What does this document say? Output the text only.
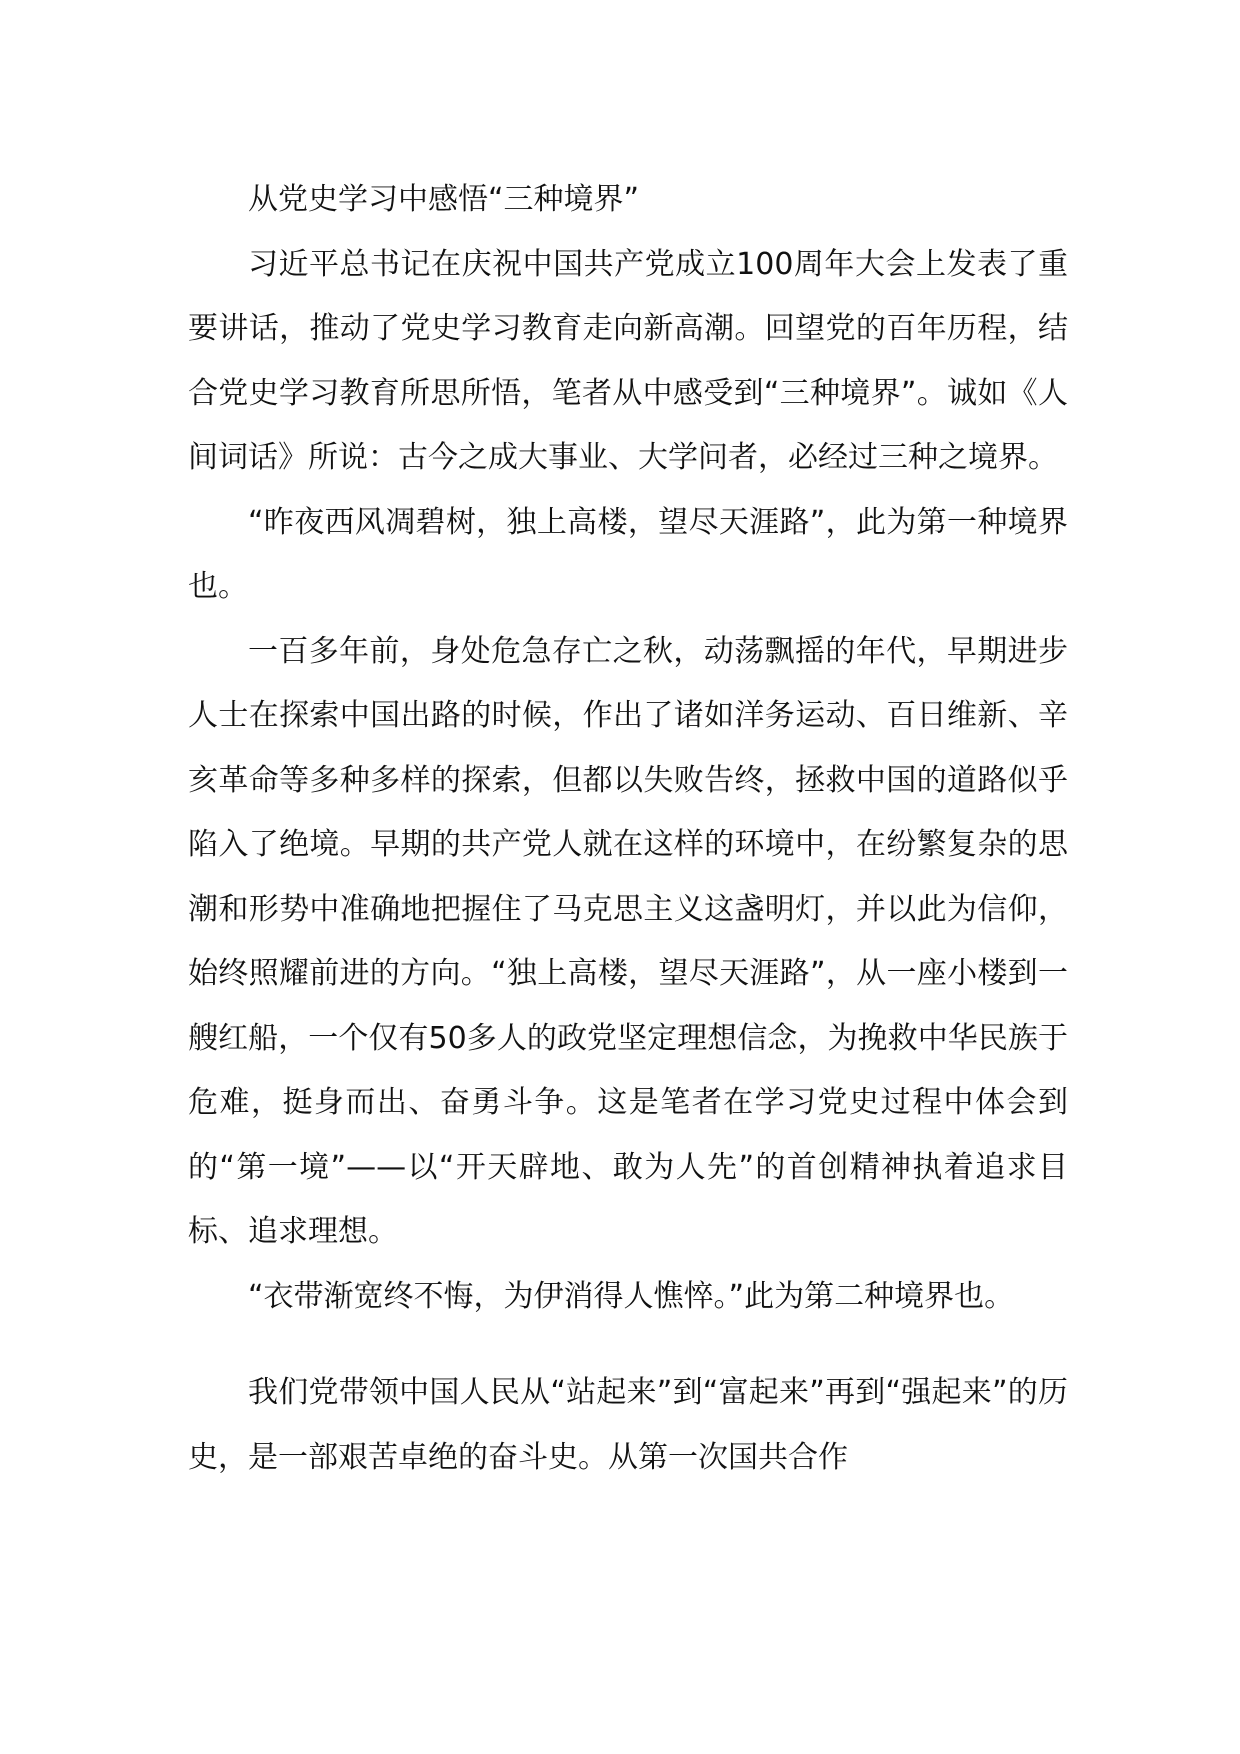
从党史学习中感悟“三种境界”

习近平总书记在庆祝中国共产党成立100周年大会上发表了重要讲话，推动了党史学习教育走向新高潮。回望党的百年历程，结合党史学习教育所思所悟，笔者从中感受到“三种境界”。诚如《人间词话》所说：古今之成大事业、大学问者，必经过三种之境界。

“昨夜西风凋碧树，独上高楼，望尽天涯路”，此为第一种境界也。

一百多年前，身处危急存亡之秋，动荡飘摇的年代，早期进步人士在探索中国出路的时候，作出了诸如洋务运动、百日维新、辛亥革命等多种多样的探索，但都以失败告终，拯救中国的道路似乎陷入了绝境。早期的共产党人就在这样的环境中，在纷繁复杂的思潮和形势中准确地把握住了马克思主义这盏明灯，并以此为信仰，始终照耀前进的方向。“独上高楼，望尽天涯路”，从一座小楼到一艘红船，一个仅有50多人的政党坚定理想信念，为挽救中华民族于危难，挺身而出、奋勇斗争。这是笔者在学习党史过程中体会到的“第一境”——以“开天辟地、敢为人先”的首创精神执着追求目标、追求理想。

“衣带渐宽终不悔，为伊消得人憔悴。”此为第二种境界也。

我们党带领中国人民从“站起来”到“富起来”再到“强起来”的历史，是一部艰苦卓绝的奋斗史。从第一次国共合作
